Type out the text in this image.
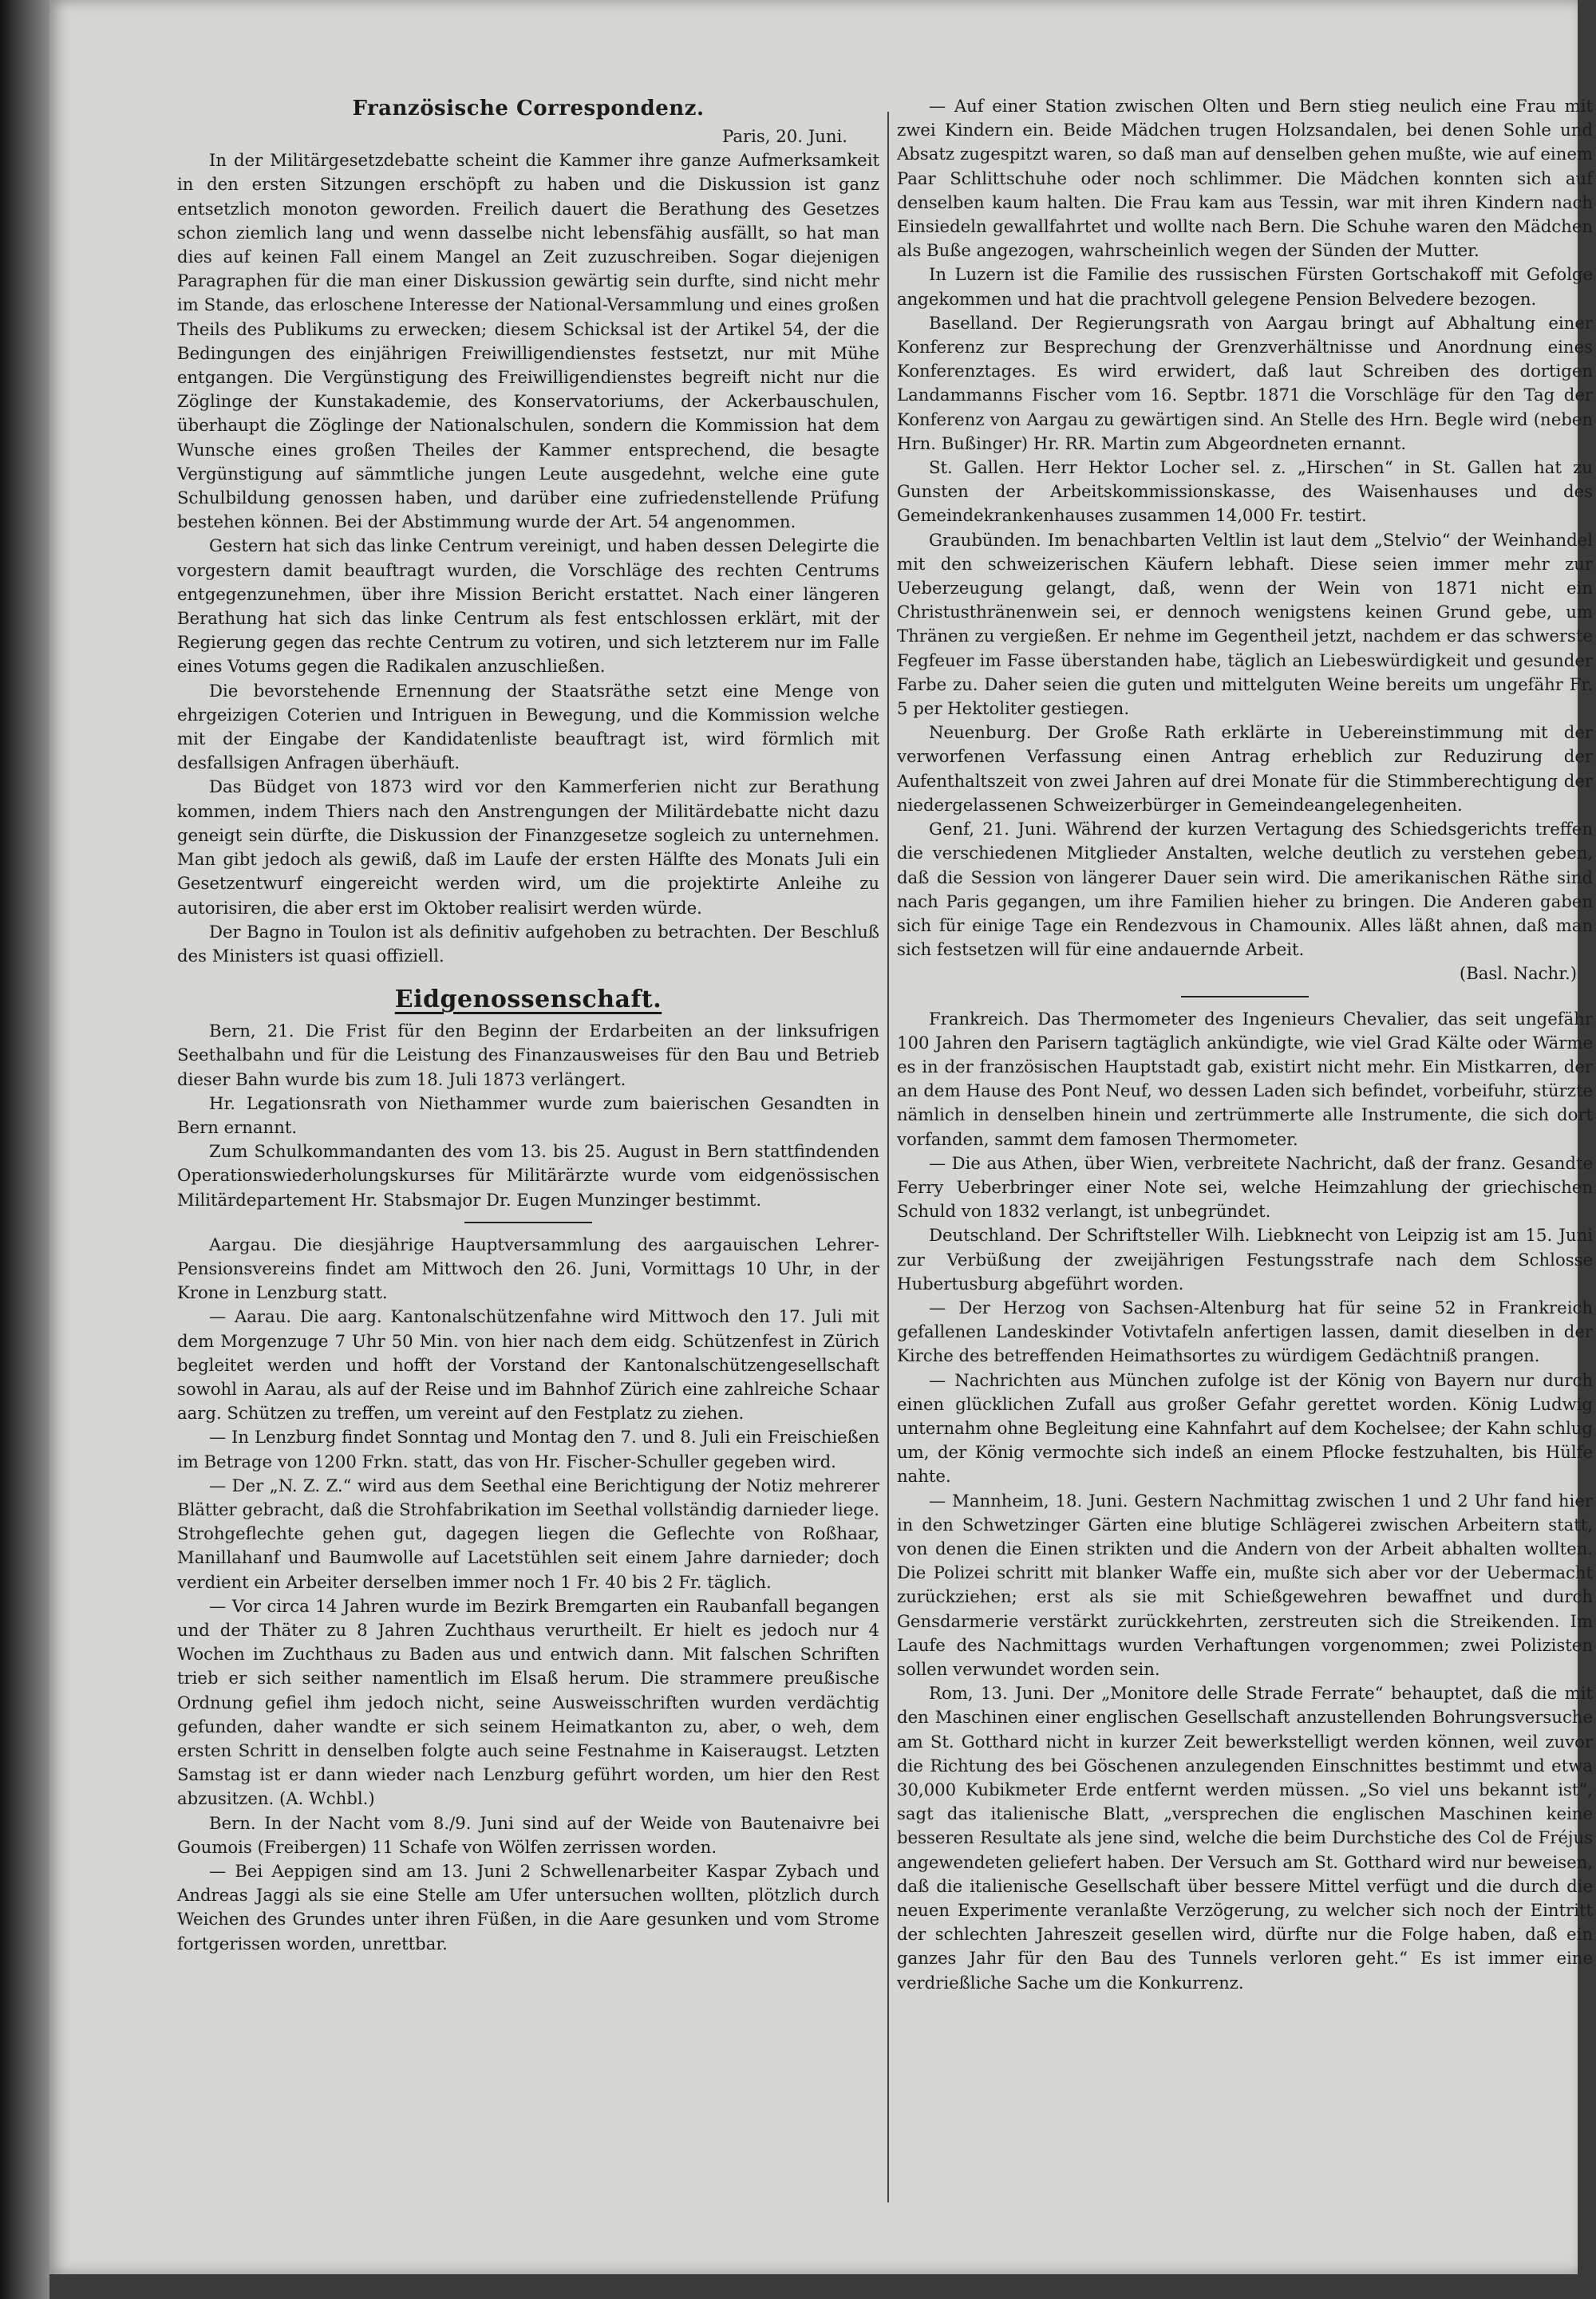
Französische Correspondenz.

Paris, 20. Juni.

In der Militärgesetzdebatte scheint die Kammer ihre ganze Aufmerksamkeit in den ersten Sitzungen erschöpft zu haben und die Diskussion ist ganz entsetzlich monoton geworden. Freilich dauert die Berathung des Gesetzes schon ziemlich lang und wenn dasselbe nicht lebensfähig ausfällt, so hat man dies auf keinen Fall einem Mangel an Zeit zuzuschreiben. Sogar diejenigen Paragraphen für die man einer Diskussion gewärtig sein durfte, sind nicht mehr im Stande, das erloschene Interesse der National-Versammlung und eines großen Theils des Publikums zu erwecken; diesem Schicksal ist der Artikel 54, der die Bedingungen des einjährigen Freiwilligendienstes festsetzt, nur mit Mühe entgangen. Die Vergünstigung des Freiwilligendienstes begreift nicht nur die Zöglinge der Kunstakademie, des Konservatoriums, der Ackerbauschulen, überhaupt die Zöglinge der Nationalschulen, sondern die Kommission hat dem Wunsche eines großen Theiles der Kammer entsprechend, die besagte Vergünstigung auf sämmtliche jungen Leute ausgedehnt, welche eine gute Schulbildung genossen haben, und darüber eine zufriedenstellende Prüfung bestehen können. Bei der Abstimmung wurde der Art. 54 angenommen.

Gestern hat sich das linke Centrum vereinigt, und haben dessen Delegirte die vorgestern damit beauftragt wurden, die Vorschläge des rechten Centrums entgegenzunehmen, über ihre Mission Bericht erstattet. Nach einer längeren Berathung hat sich das linke Centrum als fest entschlossen erklärt, mit der Regierung gegen das rechte Centrum zu votiren, und sich letzterem nur im Falle eines Votums gegen die Radikalen anzuschließen.

Die bevorstehende Ernennung der Staatsräthe setzt eine Menge von ehrgeizigen Coterien und Intriguen in Bewegung, und die Kommission welche mit der Eingabe der Kandidatenliste beauftragt ist, wird förmlich mit desfallsigen Anfragen überhäuft.

Das Büdget von 1873 wird vor den Kammerferien nicht zur Berathung kommen, indem Thiers nach den Anstrengungen der Militärdebatte nicht dazu geneigt sein dürfte, die Diskussion der Finanzgesetze sogleich zu unternehmen. Man gibt jedoch als gewiß, daß im Laufe der ersten Hälfte des Monats Juli ein Gesetzentwurf eingereicht werden wird, um die projektirte Anleihe zu autorisiren, die aber erst im Oktober realisirt werden würde.

Der Bagno in Toulon ist als definitiv aufgehoben zu betrachten. Der Beschluß des Ministers ist quasi offiziell.

Eidgenossenschaft.

Bern, 21. Die Frist für den Beginn der Erdarbeiten an der linksufrigen Seethalbahn und für die Leistung des Finanzausweises für den Bau und Betrieb dieser Bahn wurde bis zum 18. Juli 1873 verlängert.

Hr. Legationsrath von Niethammer wurde zum baierischen Gesandten in Bern ernannt.

Zum Schulkommandanten des vom 13. bis 25. August in Bern stattfindenden Operationswiederholungskurses für Militärärzte wurde vom eidgenössischen Militärdepartement Hr. Stabsmajor Dr. Eugen Munzinger bestimmt.

Aargau. Die diesjährige Hauptversammlung des aargauischen Lehrer-Pensionsvereins findet am Mittwoch den 26. Juni, Vormittags 10 Uhr, in der Krone in Lenzburg statt.

— Aarau. Die aarg. Kantonalschützenfahne wird Mittwoch den 17. Juli mit dem Morgenzuge 7 Uhr 50 Min. von hier nach dem eidg. Schützenfest in Zürich begleitet werden und hofft der Vorstand der Kantonalschützengesellschaft sowohl in Aarau, als auf der Reise und im Bahnhof Zürich eine zahlreiche Schaar aarg. Schützen zu treffen, um vereint auf den Festplatz zu ziehen.

— In Lenzburg findet Sonntag und Montag den 7. und 8. Juli ein Freischießen im Betrage von 1200 Frkn. statt, das von Hr. Fischer-Schuller gegeben wird.

— Der „N. Z. Z.“ wird aus dem Seethal eine Berichtigung der Notiz mehrerer Blätter gebracht, daß die Strohfabrikation im Seethal vollständig darnieder liege. Strohgeflechte gehen gut, dagegen liegen die Geflechte von Roßhaar, Manillahanf und Baumwolle auf Lacetstühlen seit einem Jahre darnieder; doch verdient ein Arbeiter derselben immer noch 1 Fr. 40 bis 2 Fr. täglich.

— Vor circa 14 Jahren wurde im Bezirk Bremgarten ein Raubanfall begangen und der Thäter zu 8 Jahren Zuchthaus verurtheilt. Er hielt es jedoch nur 4 Wochen im Zuchthaus zu Baden aus und entwich dann. Mit falschen Schriften trieb er sich seither namentlich im Elsaß herum. Die strammere preußische Ordnung gefiel ihm jedoch nicht, seine Ausweisschriften wurden verdächtig gefunden, daher wandte er sich seinem Heimatkanton zu, aber, o weh, dem ersten Schritt in denselben folgte auch seine Festnahme in Kaiseraugst. Letzten Samstag ist er dann wieder nach Lenzburg geführt worden, um hier den Rest abzusitzen. (A. Wchbl.)

Bern. In der Nacht vom 8./9. Juni sind auf der Weide von Bautenaivre bei Goumois (Freibergen) 11 Schafe von Wölfen zerrissen worden.

— Bei Aeppigen sind am 13. Juni 2 Schwellenarbeiter Kaspar Zybach und Andreas Jaggi als sie eine Stelle am Ufer untersuchen wollten, plötzlich durch Weichen des Grundes unter ihren Füßen, in die Aare gesunken und vom Strome fortgerissen worden, unrettbar.

— Auf einer Station zwischen Olten und Bern stieg neulich eine Frau mit zwei Kindern ein. Beide Mädchen trugen Holzsandalen, bei denen Sohle und Absatz zugespitzt waren, so daß man auf denselben gehen mußte, wie auf einem Paar Schlittschuhe oder noch schlimmer. Die Mädchen konnten sich auf denselben kaum halten. Die Frau kam aus Tessin, war mit ihren Kindern nach Einsiedeln gewallfahrtet und wollte nach Bern. Die Schuhe waren den Mädchen als Buße angezogen, wahrscheinlich wegen der Sünden der Mutter.

In Luzern ist die Familie des russischen Fürsten Gortschakoff mit Gefolge angekommen und hat die prachtvoll gelegene Pension Belvedere bezogen.

Baselland. Der Regierungsrath von Aargau bringt auf Abhaltung einer Konferenz zur Besprechung der Grenzverhältnisse und Anordnung eines Konferenztages. Es wird erwidert, daß laut Schreiben des dortigen Landammanns Fischer vom 16. Septbr. 1871 die Vorschläge für den Tag der Konferenz von Aargau zu gewärtigen sind. An Stelle des Hrn. Begle wird (neben Hrn. Bußinger) Hr. RR. Martin zum Abgeordneten ernannt.

St. Gallen. Herr Hektor Locher sel. z. „Hirschen“ in St. Gallen hat zu Gunsten der Arbeitskommissionskasse, des Waisenhauses und des Gemeindekrankenhauses zusammen 14,000 Fr. testirt.

Graubünden. Im benachbarten Veltlin ist laut dem „Stelvio“ der Weinhandel mit den schweizerischen Käufern lebhaft. Diese seien immer mehr zur Ueberzeugung gelangt, daß, wenn der Wein von 1871 nicht ein Christusthränenwein sei, er dennoch wenigstens keinen Grund gebe, um Thränen zu vergießen. Er nehme im Gegentheil jetzt, nachdem er das schwerste Fegfeuer im Fasse überstanden habe, täglich an Liebeswürdigkeit und gesunder Farbe zu. Daher seien die guten und mittelguten Weine bereits um ungefähr Fr. 5 per Hektoliter gestiegen.

Neuenburg. Der Große Rath erklärte in Uebereinstimmung mit der verworfenen Verfassung einen Antrag erheblich zur Reduzirung der Aufenthaltszeit von zwei Jahren auf drei Monate für die Stimmberechtigung der niedergelassenen Schweizerbürger in Gemeindeangelegenheiten.

Genf, 21. Juni. Während der kurzen Vertagung des Schiedsgerichts treffen die verschiedenen Mitglieder Anstalten, welche deutlich zu verstehen geben, daß die Session von längerer Dauer sein wird. Die amerikanischen Räthe sind nach Paris gegangen, um ihre Familien hieher zu bringen. Die Anderen gaben sich für einige Tage ein Rendezvous in Chamounix. Alles läßt ahnen, daß man sich festsetzen will für eine andauernde Arbeit.

(Basl. Nachr.)

Frankreich. Das Thermometer des Ingenieurs Chevalier, das seit ungefähr 100 Jahren den Parisern tagtäglich ankündigte, wie viel Grad Kälte oder Wärme es in der französischen Hauptstadt gab, existirt nicht mehr. Ein Mistkarren, der an dem Hause des Pont Neuf, wo dessen Laden sich befindet, vorbeifuhr, stürzte nämlich in denselben hinein und zertrümmerte alle Instrumente, die sich dort vorfanden, sammt dem famosen Thermometer.

— Die aus Athen, über Wien, verbreitete Nachricht, daß der franz. Gesandte Ferry Ueberbringer einer Note sei, welche Heimzahlung der griechischen Schuld von 1832 verlangt, ist unbegründet.

Deutschland. Der Schriftsteller Wilh. Liebknecht von Leipzig ist am 15. Juni zur Verbüßung der zweijährigen Festungsstrafe nach dem Schlosse Hubertusburg abgeführt worden.

— Der Herzog von Sachsen-Altenburg hat für seine 52 in Frankreich gefallenen Landeskinder Votivtafeln anfertigen lassen, damit dieselben in der Kirche des betreffenden Heimathsortes zu würdigem Gedächtniß prangen.

— Nachrichten aus München zufolge ist der König von Bayern nur durch einen glücklichen Zufall aus großer Gefahr gerettet worden. König Ludwig unternahm ohne Begleitung eine Kahnfahrt auf dem Kochelsee; der Kahn schlug um, der König vermochte sich indeß an einem Pflocke festzuhalten, bis Hülfe nahte.

— Mannheim, 18. Juni. Gestern Nachmittag zwischen 1 und 2 Uhr fand hier in den Schwetzinger Gärten eine blutige Schlägerei zwischen Arbeitern statt, von denen die Einen strikten und die Andern von der Arbeit abhalten wollten. Die Polizei schritt mit blanker Waffe ein, mußte sich aber vor der Uebermacht zurückziehen; erst als sie mit Schießgewehren bewaffnet und durch Gensdarmerie verstärkt zurückkehrten, zerstreuten sich die Streikenden. Im Laufe des Nachmittags wurden Verhaftungen vorgenommen; zwei Polizisten sollen verwundet worden sein.

Rom, 13. Juni. Der „Monitore delle Strade Ferrate“ behauptet, daß die mit den Maschinen einer englischen Gesellschaft anzustellenden Bohrungsversuche am St. Gotthard nicht in kurzer Zeit bewerkstelligt werden können, weil zuvor die Richtung des bei Göschenen anzulegenden Einschnittes bestimmt und etwa 30,000 Kubikmeter Erde entfernt werden müssen. „So viel uns bekannt ist“, sagt das italienische Blatt, „versprechen die englischen Maschinen keine besseren Resultate als jene sind, welche die beim Durchstiche des Col de Fréjus angewendeten geliefert haben. Der Versuch am St. Gotthard wird nur beweisen, daß die italienische Gesellschaft über bessere Mittel verfügt und die durch die neuen Experimente veranlaßte Verzögerung, zu welcher sich noch der Eintritt der schlechten Jahreszeit gesellen wird, dürfte nur die Folge haben, daß ein ganzes Jahr für den Bau des Tunnels verloren geht.“ Es ist immer eine verdrießliche Sache um die Konkurrenz.
